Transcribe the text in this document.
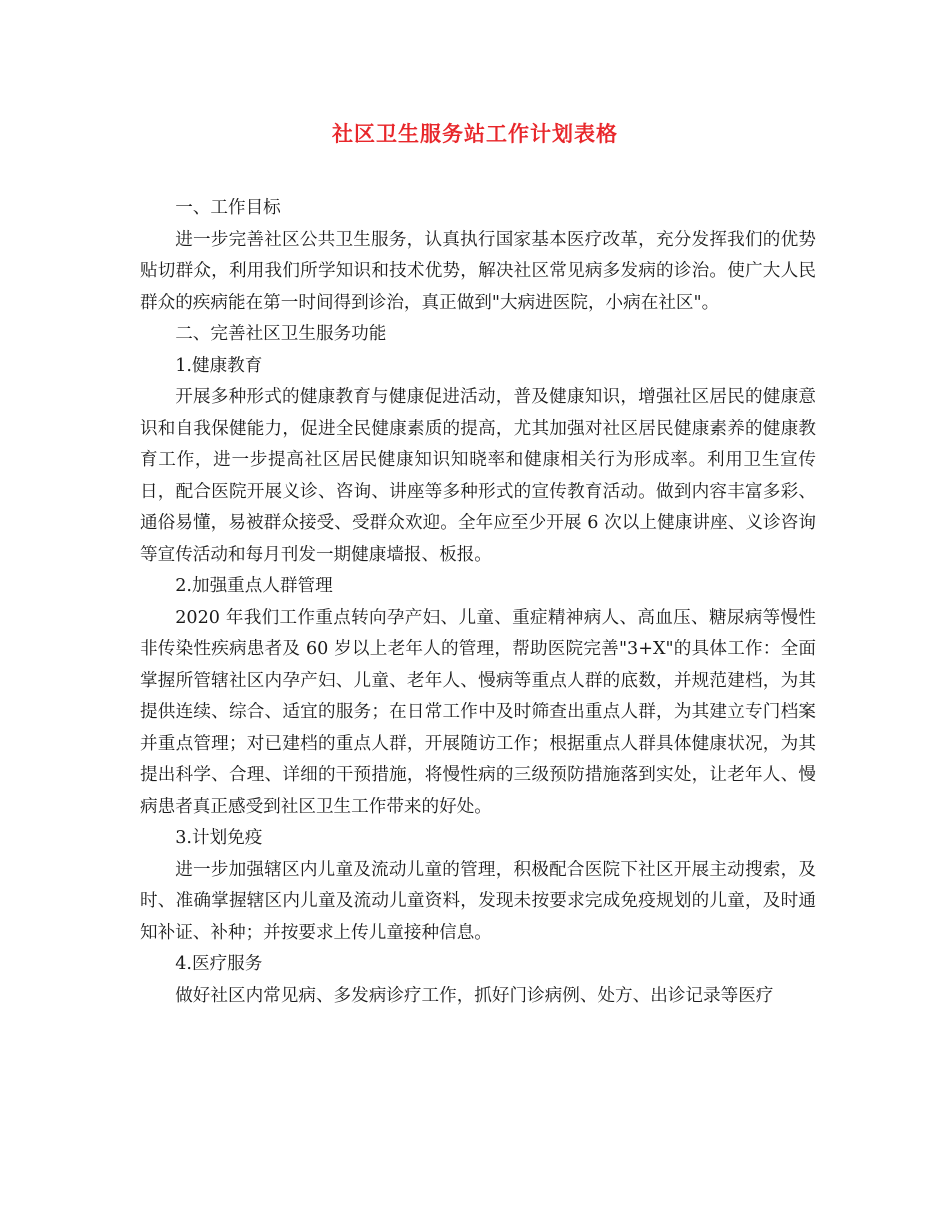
社区卫生服务站工作计划表格

一、工作目标

进一步完善社区公共卫生服务，认真执行国家基本医疗改革，充分发挥我们的优势贴切群众，利用我们所学知识和技术优势，解决社区常见病多发病的诊治。使广大人民群众的疾病能在第一时间得到诊治，真正做到"大病进医院，小病在社区"。

二、完善社区卫生服务功能

1.健康教育

开展多种形式的健康教育与健康促进活动，普及健康知识，增强社区居民的健康意识和自我保健能力，促进全民健康素质的提高，尤其加强对社区居民健康素养的健康教育工作，进一步提高社区居民健康知识知晓率和健康相关行为形成率。利用卫生宣传日，配合医院开展义诊、咨询、讲座等多种形式的宣传教育活动。做到内容丰富多彩、通俗易懂，易被群众接受、受群众欢迎。全年应至少开展 6 次以上健康讲座、义诊咨询等宣传活动和每月刊发一期健康墙报、板报。

2.加强重点人群管理

2020 年我们工作重点转向孕产妇、儿童、重症精神病人、高血压、糖尿病等慢性非传染性疾病患者及 60 岁以上老年人的管理，帮助医院完善"3+X"的具体工作：全面掌握所管辖社区内孕产妇、儿童、老年人、慢病等重点人群的底数，并规范建档，为其提供连续、综合、适宜的服务；在日常工作中及时筛查出重点人群，为其建立专门档案并重点管理；对已建档的重点人群，开展随访工作；根据重点人群具体健康状况，为其提出科学、合理、详细的干预措施，将慢性病的三级预防措施落到实处，让老年人、慢病患者真正感受到社区卫生工作带来的好处。

3.计划免疫

进一步加强辖区内儿童及流动儿童的管理，积极配合医院下社区开展主动搜索，及时、准确掌握辖区内儿童及流动儿童资料，发现未按要求完成免疫规划的儿童，及时通知补证、补种；并按要求上传儿童接种信息。

4.医疗服务

做好社区内常见病、多发病诊疗工作，抓好门诊病例、处方、出诊记录等医疗
